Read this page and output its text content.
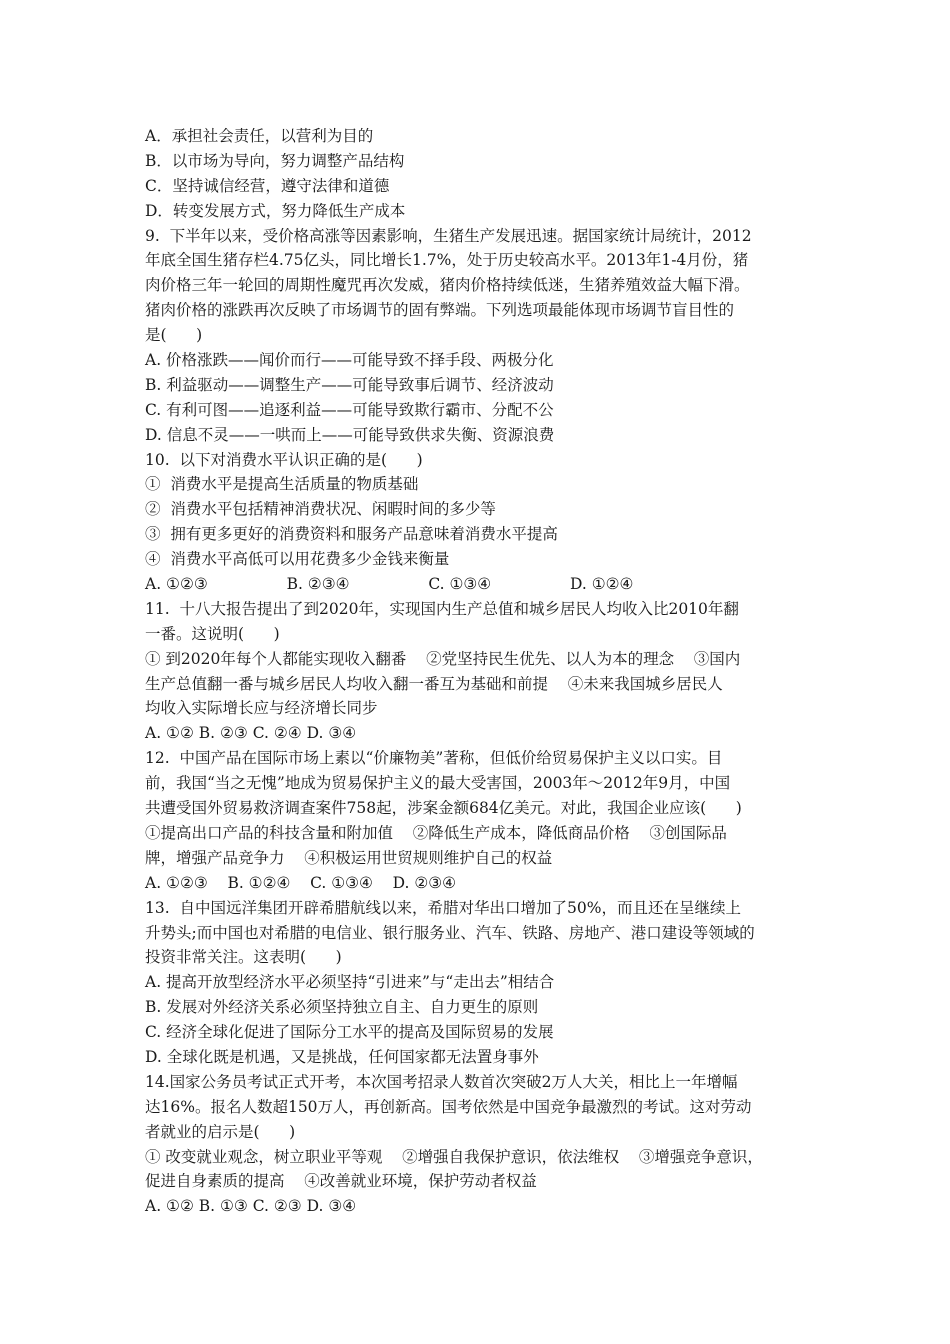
A．承担社会责任，以营利为目的
B．以市场为导向，努力调整产品结构
C．坚持诚信经营，遵守法律和道德
D．转变发展方式，努力降低生产成本
9.  下半年以来，受价格高涨等因素影响，生猪生产发展迅速。据国家统计局统计，2012
年底全国生猪存栏4.75亿头，同比增长1.7%，处于历史较高水平。2013年1-4月份，猪
肉价格三年一轮回的周期性魔咒再次发威，猪肉价格持续低迷，生猪养殖效益大幅下滑。
猪肉价格的涨跌再次反映了市场调节的固有弊端。下列选项最能体现市场调节盲目性的
是(      )
A. 价格涨跌——闻价而行——可能导致不择手段、两极分化
B. 利益驱动——调整生产——可能导致事后调节、经济波动
C. 有利可图——追逐利益——可能导致欺行霸市、分配不公
D. 信息不灵——一哄而上——可能导致供求失衡、资源浪费
10.  以下对消费水平认识正确的是(      )
①  消费水平是提高生活质量的物质基础
②  消费水平包括精神消费状况、闲暇时间的多少等
③  拥有更多更好的消费资料和服务产品意味着消费水平提高
④  消费水平高低可以用花费多少金钱来衡量
A. ①②③                B. ②③④                C. ①③④                D. ①②④
11.  十八大报告提出了到2020年，实现国内生产总值和城乡居民人均收入比2010年翻
一番。这说明(      )
① 到2020年每个人都能实现收入翻番    ②党坚持民生优先、以人为本的理念    ③国内
生产总值翻一番与城乡居民人均收入翻一番互为基础和前提    ④未来我国城乡居民人
均收入实际增长应与经济增长同步
A. ①② B. ②③ C. ②④ D. ③④
12.  中国产品在国际市场上素以“价廉物美”著称，但低价给贸易保护主义以口实。目
前，我国“当之无愧”地成为贸易保护主义的最大受害国，2003年～2012年9月，中国
共遭受国外贸易救济调查案件758起，涉案金额684亿美元。对此，我国企业应该(      )
①提高出口产品的科技含量和附加值    ②降低生产成本，降低商品价格    ③创国际品
牌，增强产品竞争力    ④积极运用世贸规则维护自己的权益
A. ①②③    B. ①②④    C. ①③④    D. ②③④
13.  自中国远洋集团开辟希腊航线以来，希腊对华出口增加了50%，而且还在呈继续上
升势头;而中国也对希腊的电信业、银行服务业、汽车、铁路、房地产、港口建设等领域的
投资非常关注。这表明(      )
A. 提高开放型经济水平必须坚持“引进来”与“走出去”相结合
B. 发展对外经济关系必须坚持独立自主、自力更生的原则
C. 经济全球化促进了国际分工水平的提高及国际贸易的发展
D. 全球化既是机遇，又是挑战，任何国家都无法置身事外
14.国家公务员考试正式开考，本次国考招录人数首次突破2万人大关，相比上一年增幅
达16%。报名人数超150万人，再创新高。国考依然是中国竞争最激烈的考试。这对劳动
者就业的启示是(      )
① 改变就业观念，树立职业平等观    ②增强自我保护意识，依法维权    ③增强竞争意识，
促进自身素质的提高    ④改善就业环境，保护劳动者权益
A. ①② B. ①③ C. ②③ D. ③④
